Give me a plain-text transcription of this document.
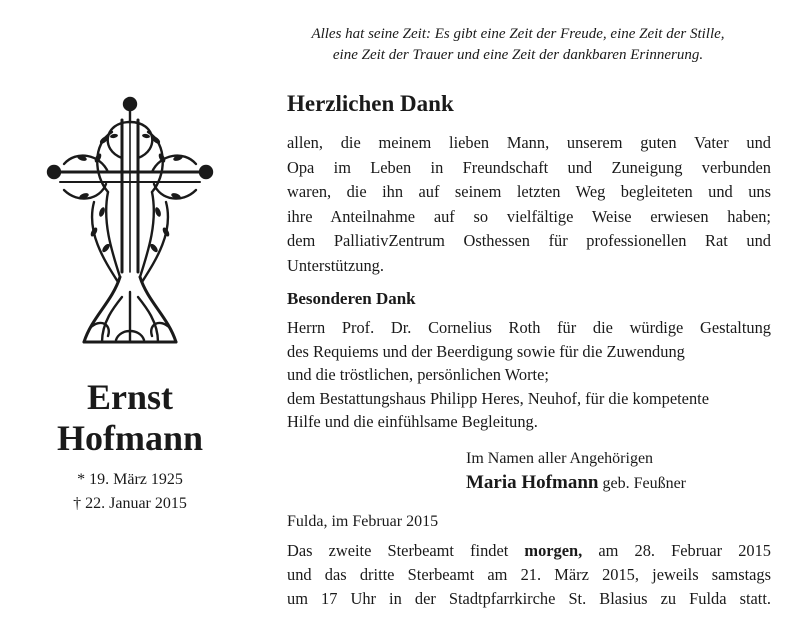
Alles hat seine Zeit: Es gibt eine Zeit der Freude, eine Zeit der Stille,
eine Zeit der Trauer und eine Zeit der dankbaren Erinnerung.
Ernst
Hofmann
* 19. März 1925
† 22. Januar 2015
Herzlichen Dank
allen, die meinem lieben Mann, unserem guten Vater und
Opa im Leben in Freundschaft und Zuneigung verbunden
waren, die ihn auf seinem letzten Weg begleiteten und uns
ihre Anteilnahme auf so vielfältige Weise erwiesen haben;
dem PalliativZentrum Osthessen für professionellen Rat und
Unterstützung.
Besonderen Dank
Herrn Prof. Dr. Cornelius Roth für die würdige Gestaltung
des Requiems und der Beerdigung sowie für die Zuwendung
und die tröstlichen, persönlichen Worte;
dem Bestattungshaus Philipp Heres, Neuhof, für die kompetente
Hilfe und die einfühlsame Begleitung.
Im Namen aller Angehörigen
Maria Hofmann geb. Feußner
Fulda, im Februar 2015
Das zweite Sterbeamt findet morgen, am 28. Februar 2015
und das dritte Sterbeamt am 21. März 2015, jeweils samstags
um 17 Uhr in der Stadtpfarrkirche St. Blasius zu Fulda statt.
